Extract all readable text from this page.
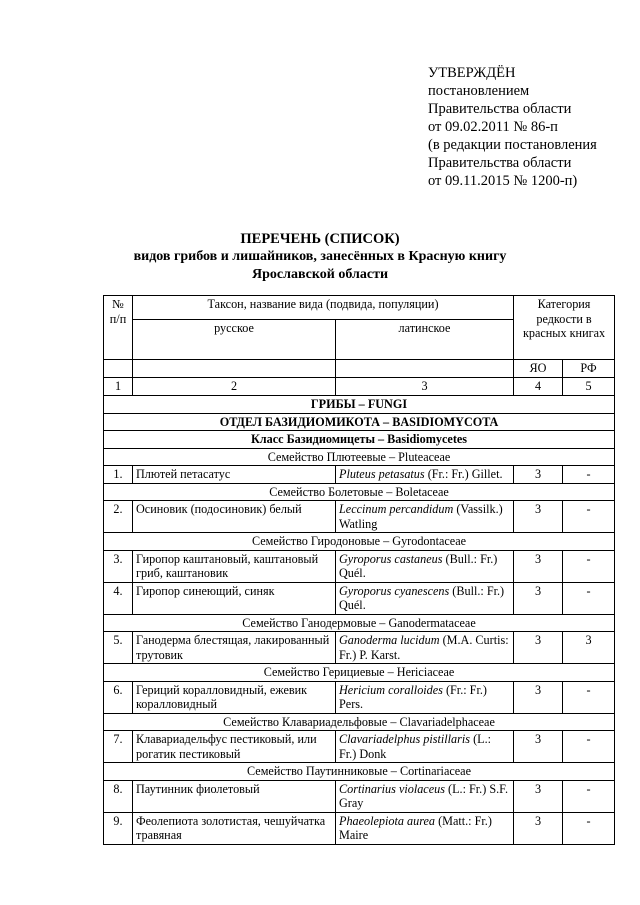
УТВЕРЖДЁН
постановлением
Правительства области
от 09.02.2011 № 86-п
(в редакции постановления
Правительства области
от 09.11.2015 № 1200-п)
ПЕРЕЧЕНЬ (СПИСОК)
видов грибов и лишайников, занесённых в Красную книгу
Ярославской области
№ п/п	Таксон, название вида (подвида, популяции)		Категория редкости в красных книгах	
	русское	латинское		
			ЯО	РФ
1	2	3	4	5
ГРИБЫ – FUNGI				
ОТДЕЛ БАЗИДИОМИКОТА – BASIDIOMYCOTA				
Класс Базидиомицеты – Basidiomycetes				
Семейство Плютеевые – Pluteaceae				
1.	Плютей петасатус	Pluteus petasatus (Fr.: Fr.) Gillet.	3	-
Семейство Болетовые – Boletaceae				
2.	Осиновик (подосиновик) белый	Leccinum percandidum (Vassilk.) Watling	3	-
Семейство Гиродоновые – Gyrodontaceae				
3.	Гиропор каштановый, каштановый гриб, каштановик	Gyroporus castaneus (Bull.: Fr.) Quél.	3	-
4.	Гиропор синеющий, синяк	Gyroporus cyanescens (Bull.: Fr.) Quél.	3	-
Семейство Ганодермовые – Ganodermataceae				
5.	Ганодерма блестящая, лакированный трутовик	Ganoderma lucidum (M.A. Curtis: Fr.) P. Karst.	3	3
Семейство Герициевые – Hericiaceae				
6.	Гериций коралловидный, ежевик коралловидный	Hericium coralloides (Fr.: Fr.) Pers.	3	-
Семейство Клавариадельфовые – Clavariadelphaceae				
7.	Клавариадельфус пестиковый, или рогатик пестиковый	Clavariadelphus pistillaris (L.: Fr.) Donk	3	-
Семейство Паутинниковые – Cortinariaceae				
8.	Паутинник фиолетовый	Cortinarius violaceus (L.: Fr.) S.F. Gray	3	-
9.	Феолепиота золотистая, чешуйчатка травяная	Phaeolepiota aurea (Matt.: Fr.) Maire	3	-
